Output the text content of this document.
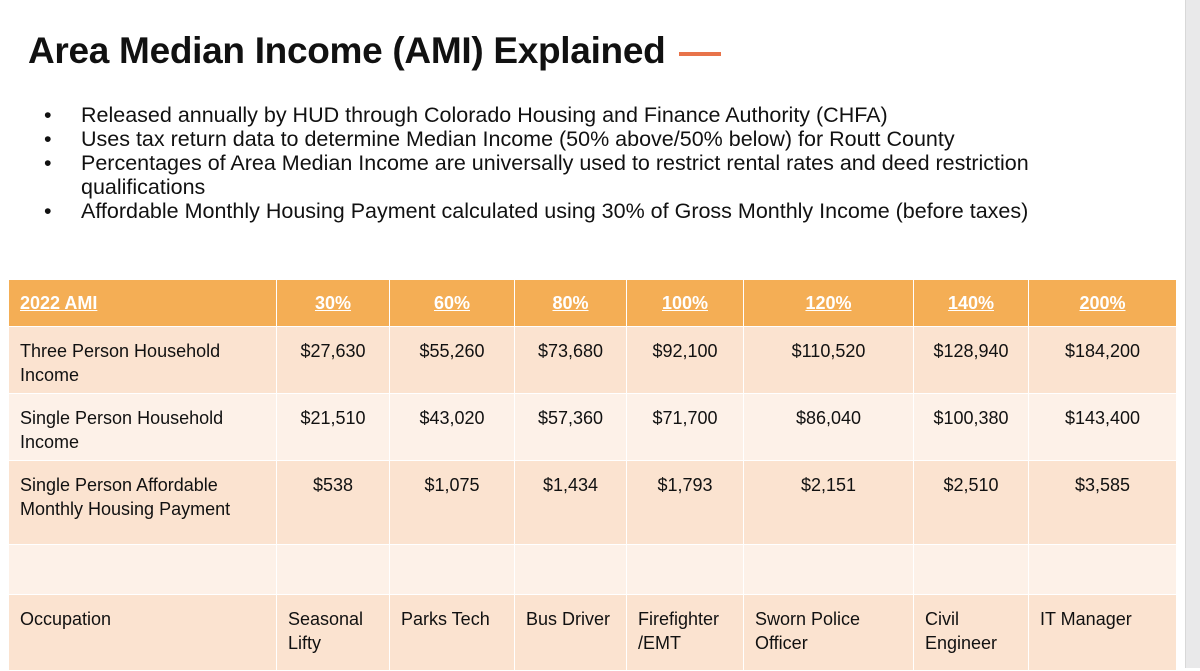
Area Median Income (AMI) Explained
• Released annually by HUD through Colorado Housing and Finance Authority (CHFA)
• Uses tax return data to determine Median Income (50% above/50% below) for Routt County
• Percentages of Area Median Income are universally used to restrict rental rates and deed restriction qualifications
• Affordable Monthly Housing Payment calculated using 30% of Gross Monthly Income (before taxes)
2022 AMI	30%	60%	80%	100%	120%	140%	200%
Three Person Household Income	$27,630	$55,260	$73,680	$92,100	$110,520	$128,940	$184,200
Single Person Household Income	$21,510	$43,020	$57,360	$71,700	$86,040	$100,380	$143,400
Single Person Affordable Monthly Housing Payment	$538	$1,075	$1,434	$1,793	$2,151	$2,510	$3,585

Occupation	Seasonal Lifty	Parks Tech	Bus Driver	Firefighter /EMT	Sworn Police Officer	Civil Engineer	IT Manager
